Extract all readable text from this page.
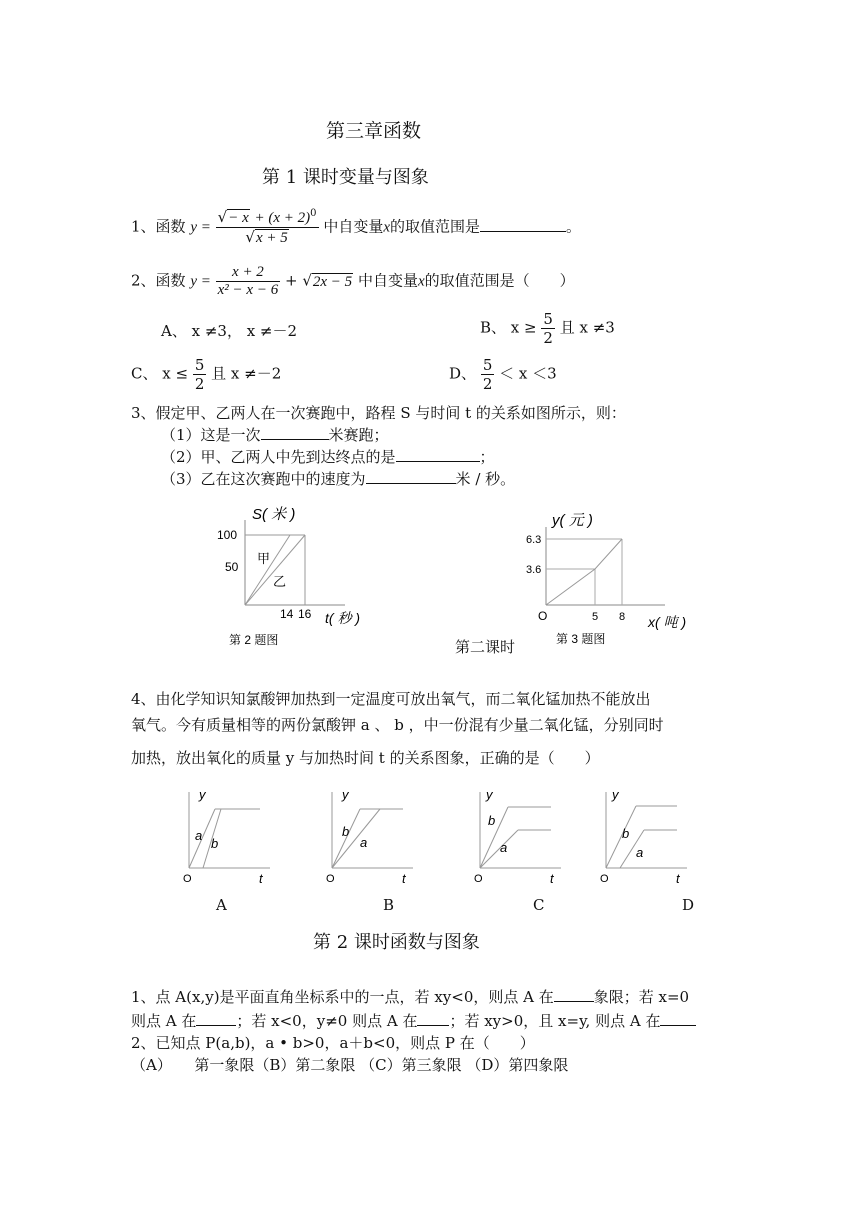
第三章函数
第 1 课时变量与图象
1、函数 $y = \frac{√- x + (x + 2)^0}{√x + 5}$ 中自变量x的取值范围是	。
2、函数 $y = \frac{x + 2}{\text{x² − x − 6}} + √2x - 5$ 中自变量x的取值范围是（　　）
A、 x ≠3， x ≠－2	B、 $x \ge \frac{5}{2}$ 且 x ≠3
C、 $x \le \frac{5}{2}$ 且 x ≠－2	D、 $\frac{5}{2} < x <3$
3、假定甲、乙两人在一次赛跑中，路程 S 与时间 t 的关系如图所示，则：
（1）这是一次	米赛跑；
（2）甲、乙两人中先到达终点的是	；
（3）乙在这次赛跑中的速度为	米 / 秒。
S( 米 )
100
50
甲
乙
14 16 t( 秒 )
第 2 题图
y( 元 )
6.3
3.6
O	5 8 x( 吨 )
第 3 题图
第二课时
4、由化学知识知氯酸钾加热到一定温度可放出氧气，而二氧化锰加热不能放出
氧气。今有质量相等的两份氯酸钾 a 、 b ，中一份混有少量二氧化锰，分别同时
加热，放出氧化的质量 y 与加热时间 t 的关系图象，正确的是（　　）
y
a
b
O	t
y
b
a
O	t
y
b
a
O	t
y
b
a
O	t
A	B	C	D
第 2 课时函数与图象
1、点 A(x,y)是平面直角坐标系中的一点，若 xy<0，则点 A 在	象限；若 x=0
则点 A 在	；若 x<0，y≠0 则点 A 在 ；若 xy>0，且 x=y, 则点 A 在
2、已知点 P(a,b)，a • b>0，a＋b<0，则点 P 在（　　）
（A）　　第一象限（B）第二象限 （C）第三象限 （D）第四象限
